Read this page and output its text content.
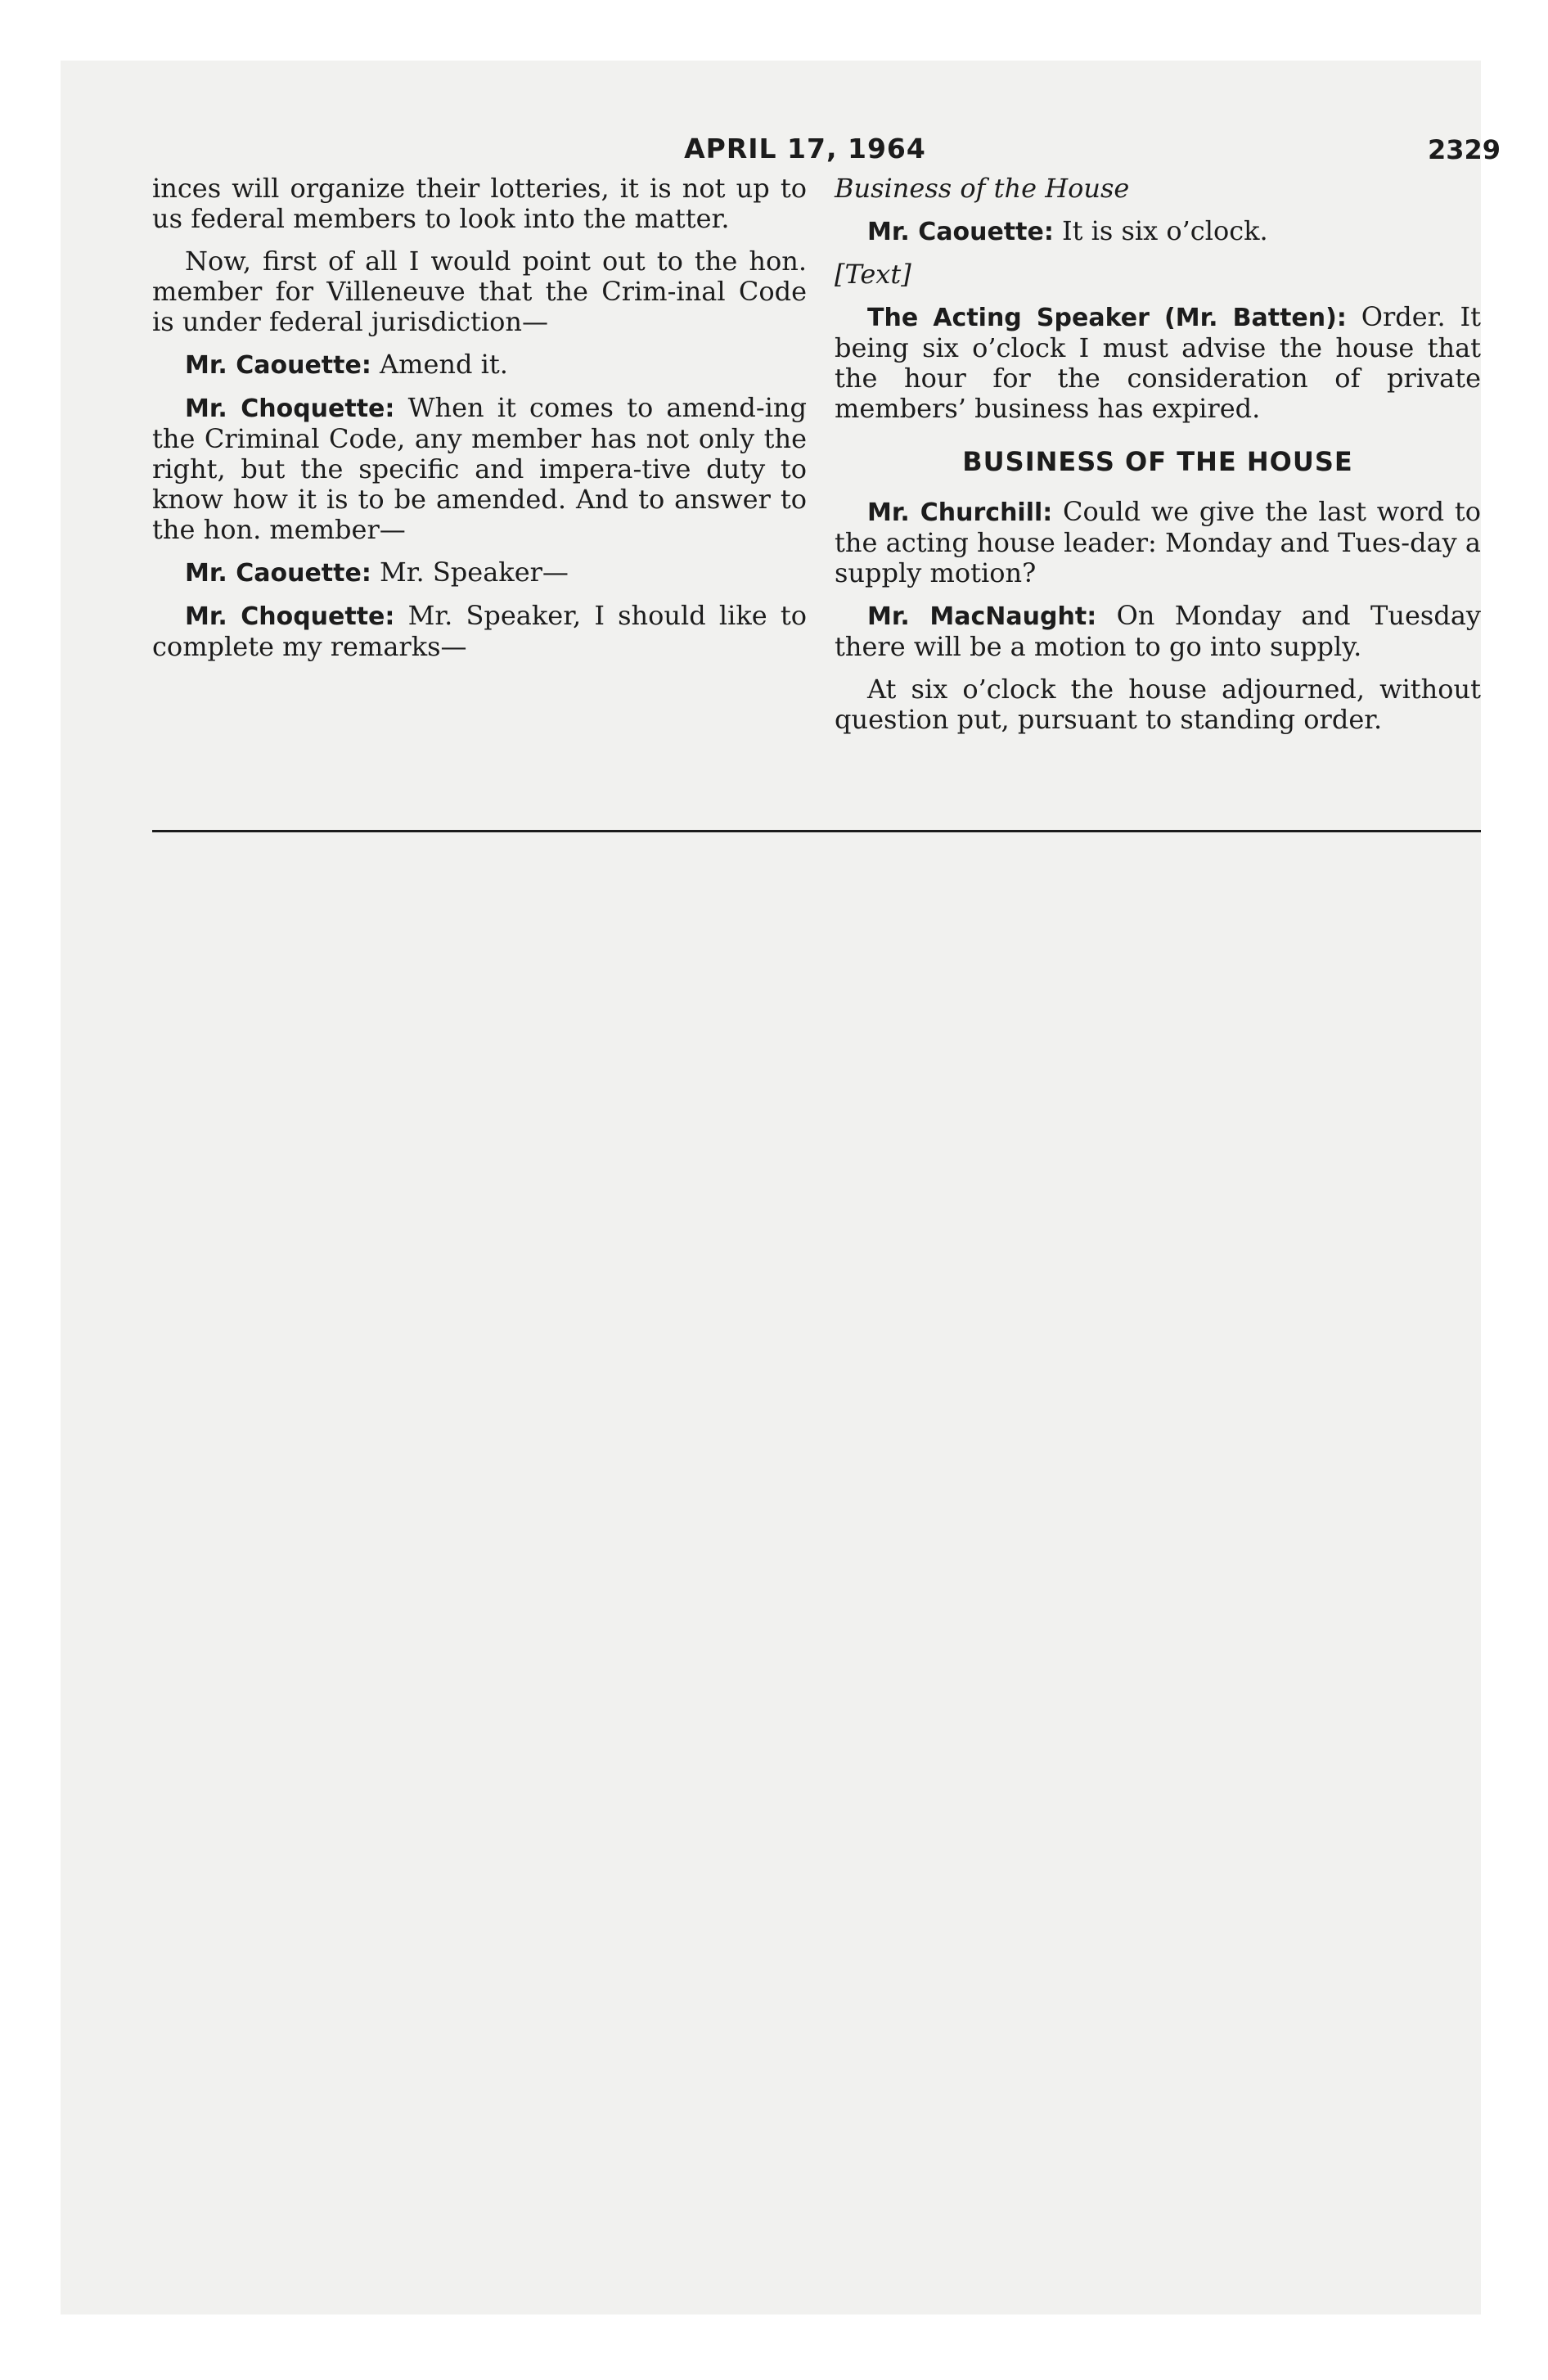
APRIL 17, 1964	2329

inces will organize their lotteries, it is not up to us federal members to look into the matter.

Now, first of all I would point out to the hon. member for Villeneuve that the Crim-inal Code is under federal jurisdiction—

Mr. Caouette: Amend it.

Mr. Choquette: When it comes to amend-ing the Criminal Code, any member has not only the right, but the specific and impera-tive duty to know how it is to be amended. And to answer to the hon. member—

Mr. Caouette: Mr. Speaker—

Mr. Choquette: Mr. Speaker, I should like to complete my remarks—

Business of the House

Mr. Caouette: It is six o’clock.

[Text]

The Acting Speaker (Mr. Batten): Order. It being six o’clock I must advise the house that the hour for the consideration of private members’ business has expired.

BUSINESS OF THE HOUSE

Mr. Churchill: Could we give the last word to the acting house leader: Monday and Tues-day a supply motion?

Mr. MacNaught: On Monday and Tuesday there will be a motion to go into supply.

At six o’clock the house adjourned, without question put, pursuant to standing order.
